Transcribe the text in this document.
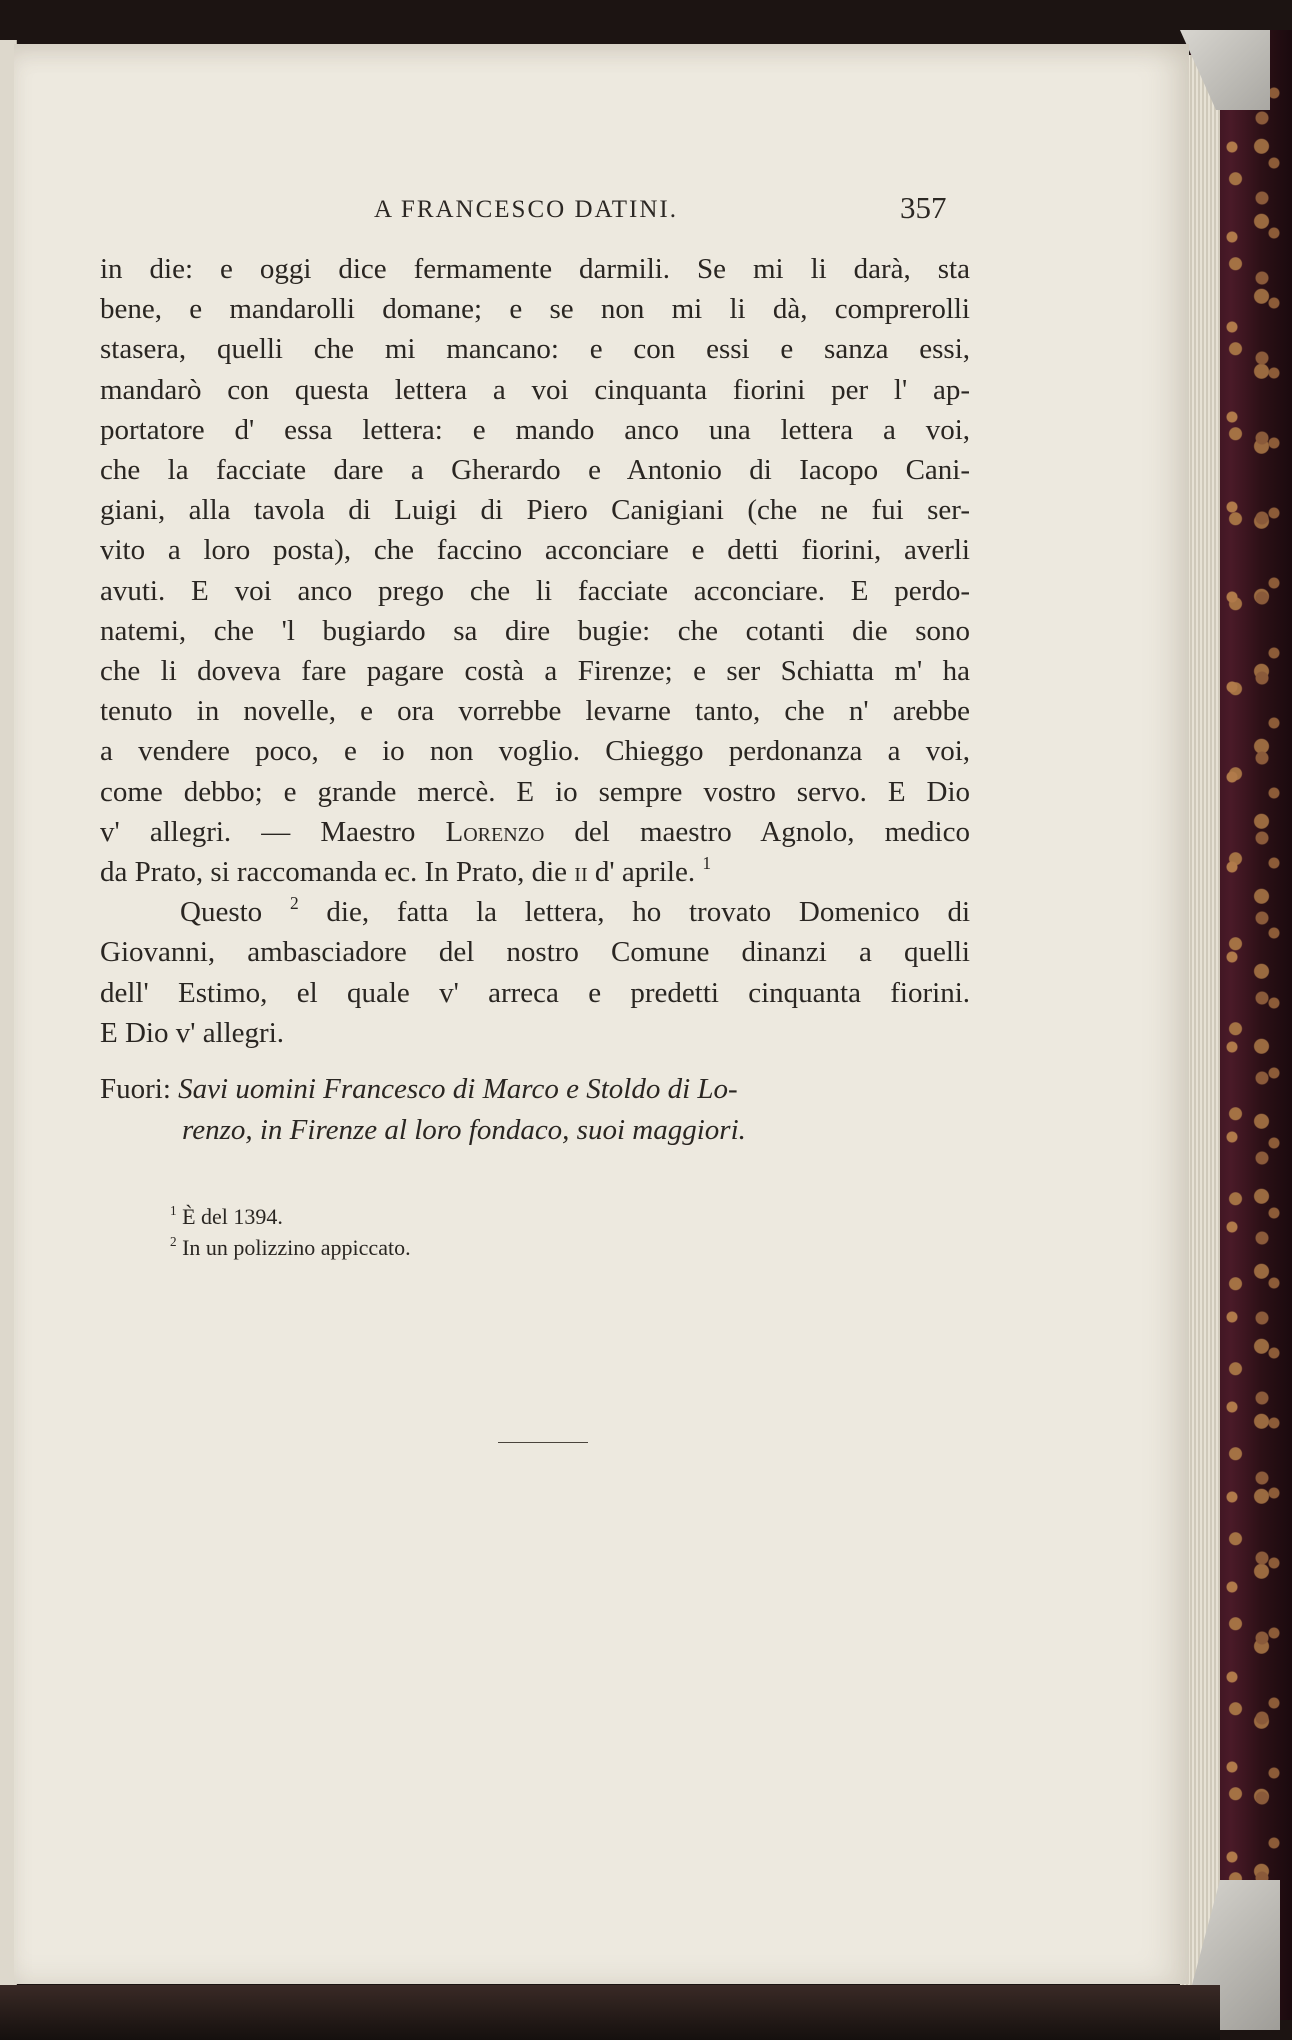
A FRANCESCO DATINI.	357
in die: e oggi dice fermamente darmili. Se mi li darà, sta
bene, e mandarolli domane; e se non mi li dà, comprerolli
stasera, quelli che mi mancano: e con essi e sanza essi,
mandarò con questa lettera a voi cinquanta fiorini per l' ap-
portatore d' essa lettera: e mando anco una lettera a voi,
che la facciate dare a Gherardo e Antonio di Iacopo Cani-
giani, alla tavola di Luigi di Piero Canigiani (che ne fui ser-
vito a loro posta), che faccino acconciare e detti fiorini, averli
avuti. E voi anco prego che li facciate acconciare. E perdo-
natemi, che 'l bugiardo sa dire bugie: che cotanti die sono
che li doveva fare pagare costà a Firenze; e ser Schiatta m' ha
tenuto in novelle, e ora vorrebbe levarne tanto, che n' arebbe
a vendere poco, e io non voglio. Chieggo perdonanza a voi,
come debbo; e grande mercè. E io sempre vostro servo. E Dio
v' allegri. — Maestro Lorenzo del maestro Agnolo, medico
da Prato, si raccomanda ec. In Prato, die ii d' aprile. $^1$
Questo $^2$ die, fatta la lettera, ho trovato Domenico di
Giovanni, ambasciadore del nostro Comune dinanzi a quelli
dell' Estimo, el quale v' arreca e predetti cinquanta fiorini.
E Dio v' allegri.
Fuori: Savi uomini Francesco di Marco e Stoldo di Lo-
renzo, in Firenze al loro fondaco, suoi maggiori.
$^1$ È del 1394.
$^2$ In un polizzino appiccato.
